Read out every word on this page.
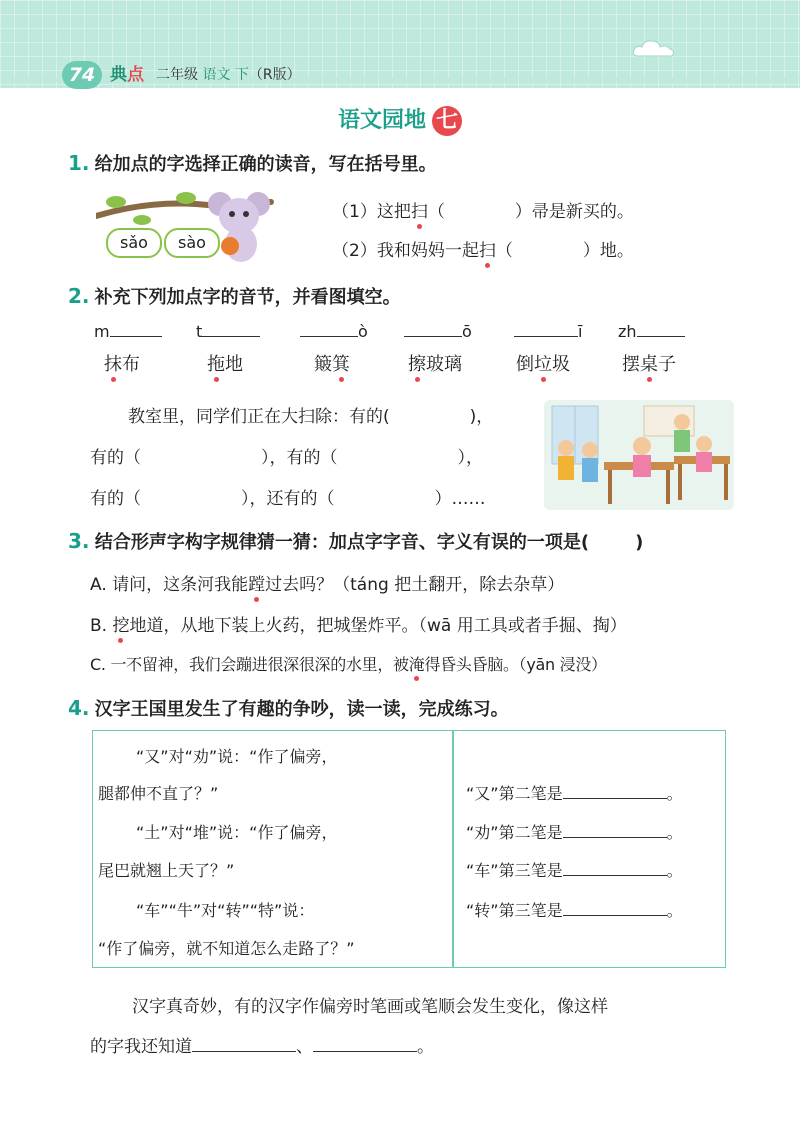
74 典点 二年级 语文 下（R版）
语文园地 七
1. 给加点的字选择正确的读音，写在括号里。
sǎo	sào
（1）这把扫（	）帚是新买的。
（2）我和妈妈一起扫（	）地。
2. 补充下列加点字的音节，并看图填空。
m	t	ò	ō	ī zh
抹布	拖地	簸箕	擦玻璃	倒垃圾	摆桌子
教室里，同学们正在大扫除：有的(	)，
有的（	），有的（	），
有的（	），还有的（	）……
3. 结合形声字构字规律猜一猜：加点字字音、字义有误的一项是(	)
A. 请问，这条河我能蹚过去吗？（táng 把土翻开，除去杂草）
B. 挖地道，从地下装上火药，把城堡炸平。（wā 用工具或者手掘、掏）
C. 一不留神，我们会蹦进很深很深的水里，被淹得昏头昏脑。（yān 浸没）
4. 汉字王国里发生了有趣的争吵，读一读，完成练习。
“又”对“劝”说：“作了偏旁，
腿都伸不直了？”
“土”对“堆”说：“作了偏旁，
尾巴就翘上天了？”
“车”“牛”对“转”“特”说：
“作了偏旁，就不知道怎么走路了？”
“又”第二笔是	。
“劝”第二笔是	。
“车”第三笔是	。
“转”第三笔是	。
汉字真奇妙，有的汉字作偏旁时笔画或笔顺会发生变化，像这样
的字我还知道	、	。
